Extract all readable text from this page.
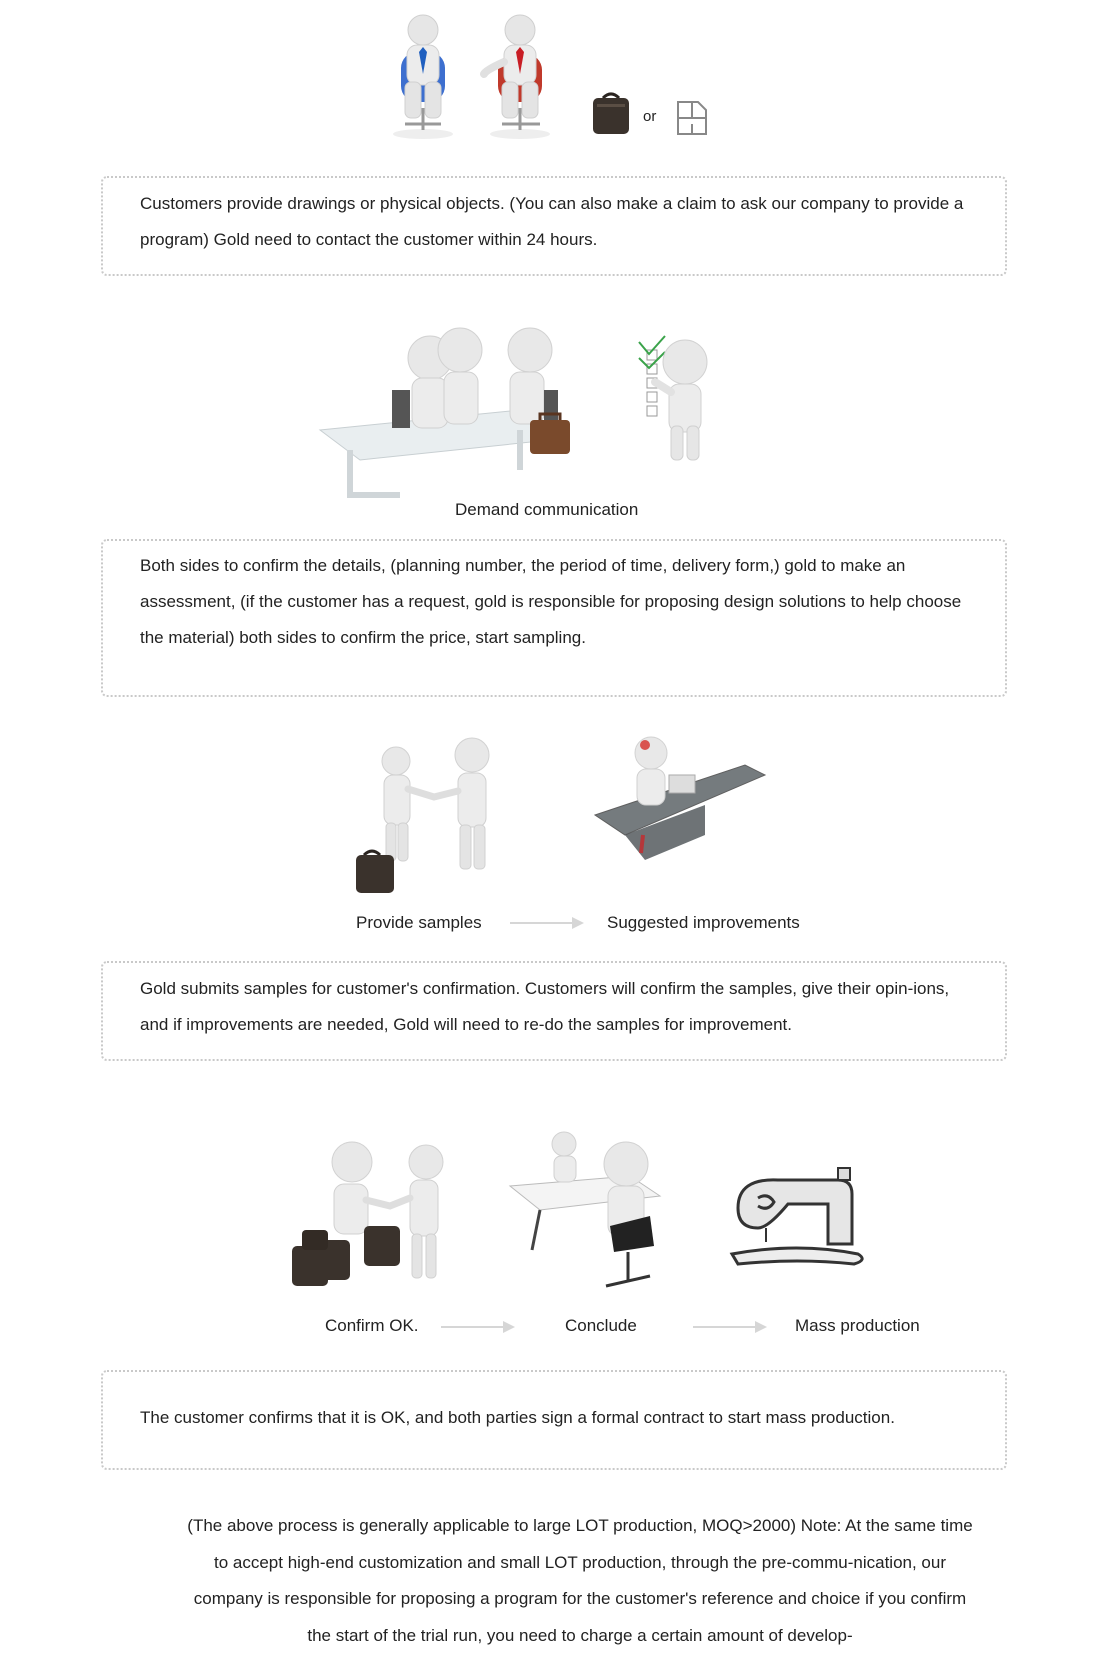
or

Customers provide drawings or physical objects. (You can also make a claim to ask our company to provide a program) Gold need to contact the customer within 24 hours.

Demand communication

Both sides to confirm the details, (planning number, the period of time, delivery form,) gold to make an assessment, (if the customer has a request, gold is responsible for proposing design solutions to help choose the material) both sides to confirm the price, start sampling.

Provide samples	Suggested improvements

Gold submits samples for customer's confirmation. Customers will confirm the samples, give their opin-ions, and if improvements are needed, Gold will need to re-do the samples for improvement.

Confirm OK.	Conclude	Mass production

The customer confirms that it is OK, and both parties sign a formal contract to start mass production.

(The above process is generally applicable to large LOT production, MOQ>2000) Note: At the same time to accept high-end customization and small LOT production, through the pre-commu-nication, our company is responsible for proposing a program for the customer's reference and choice if you confirm the start of the trial run, you need to charge a certain amount of develop-
